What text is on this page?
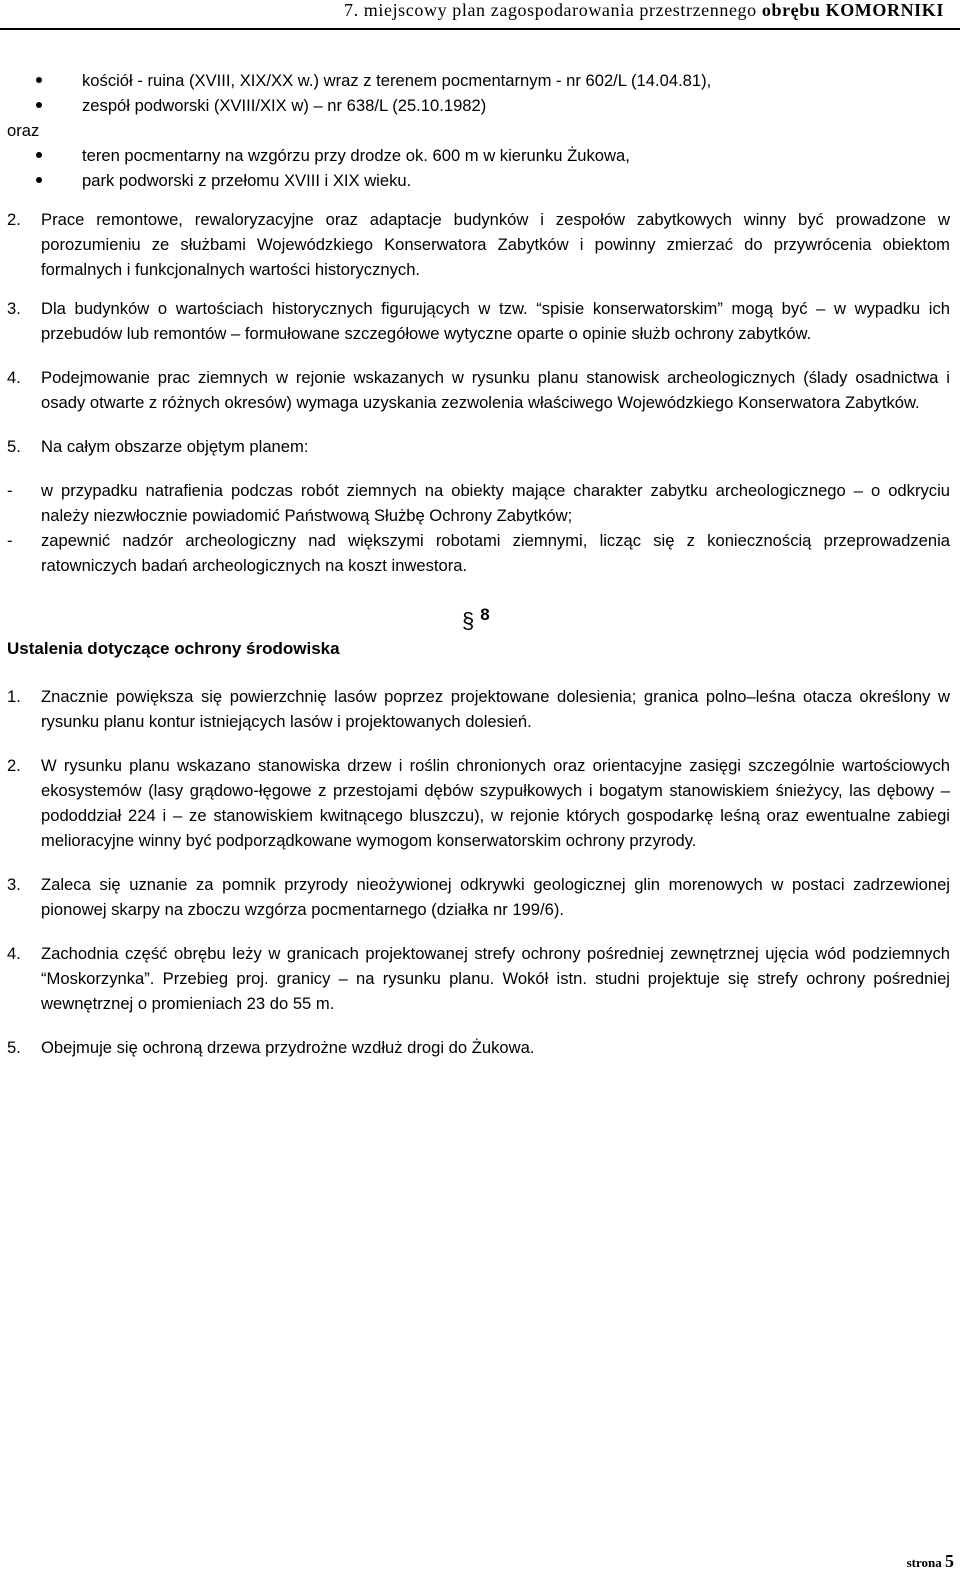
7. miejscowy plan zagospodarowania przestrzennego obrębu KOMORNIKI
kościół - ruina (XVIII, XIX/XX w.) wraz z terenem pocmentarnym - nr 602/L (14.04.81),
zespół podworski (XVIII/XIX w) – nr 638/L (25.10.1982)
oraz
teren pocmentarny na wzgórzu przy drodze ok. 600 m w kierunku Żukowa,
park podworski z przełomu XVIII i XIX wieku.
2. Prace remontowe, rewaloryzacyjne oraz adaptacje budynków i zespołów zabytkowych winny być prowadzone w porozumieniu ze służbami Wojewódzkiego Konserwatora Zabytków i powinny zmierzać do przywrócenia obiektom formalnych i funkcjonalnych wartości historycznych.
3. Dla budynków o wartościach historycznych figurujących w tzw. “spisie konserwatorskim” mogą być – w wypadku ich przebudów lub remontów – formułowane szczegółowe wytyczne oparte o opinie służb ochrony zabytków.
4. Podejmowanie prac ziemnych w rejonie wskazanych w rysunku planu stanowisk archeologicznych (ślady osadnictwa i osady otwarte z różnych okresów) wymaga uzyskania zezwolenia właściwego Wojewódzkiego Konserwatora Zabytków.
5. Na całym obszarze objętym planem:
- w przypadku natrafienia podczas robót ziemnych na obiekty mające charakter zabytku archeologicznego – o odkryciu należy niezwłocznie powiadomić Państwową Służbę Ochrony Zabytków;
- zapewnić nadzór archeologiczny nad większymi robotami ziemnymi, licząc się z koniecznością przeprowadzenia ratowniczych badań archeologicznych na koszt inwestora.
§ 8
Ustalenia dotyczące ochrony środowiska
1. Znacznie powiększa się powierzchnię lasów poprzez projektowane dolesienia; granica polno–leśna otacza określony w rysunku planu kontur istniejących lasów i projektowanych dolesień.
2. W rysunku planu wskazano stanowiska drzew i roślin chronionych oraz orientacyjne zasięgi szczególnie wartościowych ekosystemów (lasy grądowo-łęgowe z przestojami dębów szypułkowych i bogatym stanowiskiem śnieżycy, las dębowy – pododdział 224 i – ze stanowiskiem kwitnącego bluszczu), w rejonie których gospodarkę leśną oraz ewentualne zabiegi melioracyjne winny być podporządkowane wymogom konserwatorskim ochrony przyrody.
3. Zaleca się uznanie za pomnik przyrody nieożywionej odkrywki geologicznej glin morenowych w postaci zadrzewionej pionowej skarpy na zboczu wzgórza pocmentarnego (działka nr 199/6).
4. Zachodnia część obrębu leży w granicach projektowanej strefy ochrony pośredniej zewnętrznej ujęcia wód podziemnych “Moskorzynka”. Przebieg proj. granicy – na rysunku planu. Wokół istn. studni projektuje się strefy ochrony pośredniej wewnętrznej o promieniach 23 do 55 m.
5. Obejmuje się ochroną drzewa przydrożne wzdłuż drogi do Żukowa.
strona 5
